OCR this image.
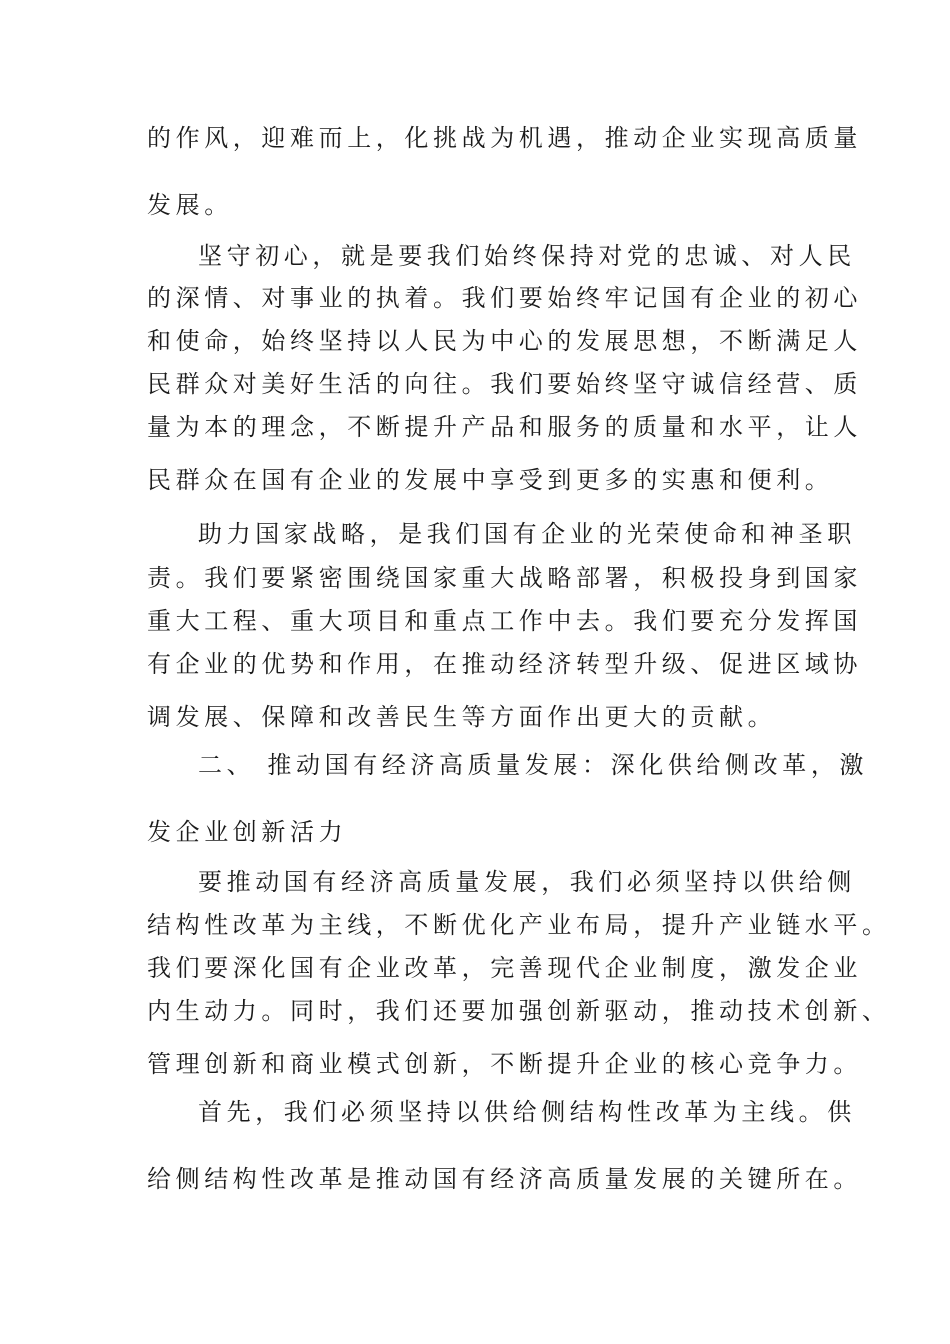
的作风，迎难而上，化挑战为机遇，推动企业实现高质量
发展。
坚守初心，就是要我们始终保持对党的忠诚、对人民
的深情、对事业的执着。我们要始终牢记国有企业的初心
和使命，始终坚持以人民为中心的发展思想，不断满足人
民群众对美好生活的向往。我们要始终坚守诚信经营、质
量为本的理念，不断提升产品和服务的质量和水平，让人
民群众在国有企业的发展中享受到更多的实惠和便利。
助力国家战略，是我们国有企业的光荣使命和神圣职
责。我们要紧密围绕国家重大战略部署，积极投身到国家
重大工程、重大项目和重点工作中去。我们要充分发挥国
有企业的优势和作用，在推动经济转型升级、促进区域协
调发展、保障和改善民生等方面作出更大的贡献。
二、 推动国有经济高质量发展：深化供给侧改革，激
发企业创新活力
要推动国有经济高质量发展，我们必须坚持以供给侧
结构性改革为主线，不断优化产业布局，提升产业链水平。
我们要深化国有企业改革，完善现代企业制度，激发企业
内生动力。同时，我们还要加强创新驱动，推动技术创新、
管理创新和商业模式创新，不断提升企业的核心竞争力。
首先，我们必须坚持以供给侧结构性改革为主线。供
给侧结构性改革是推动国有经济高质量发展的关键所在。
